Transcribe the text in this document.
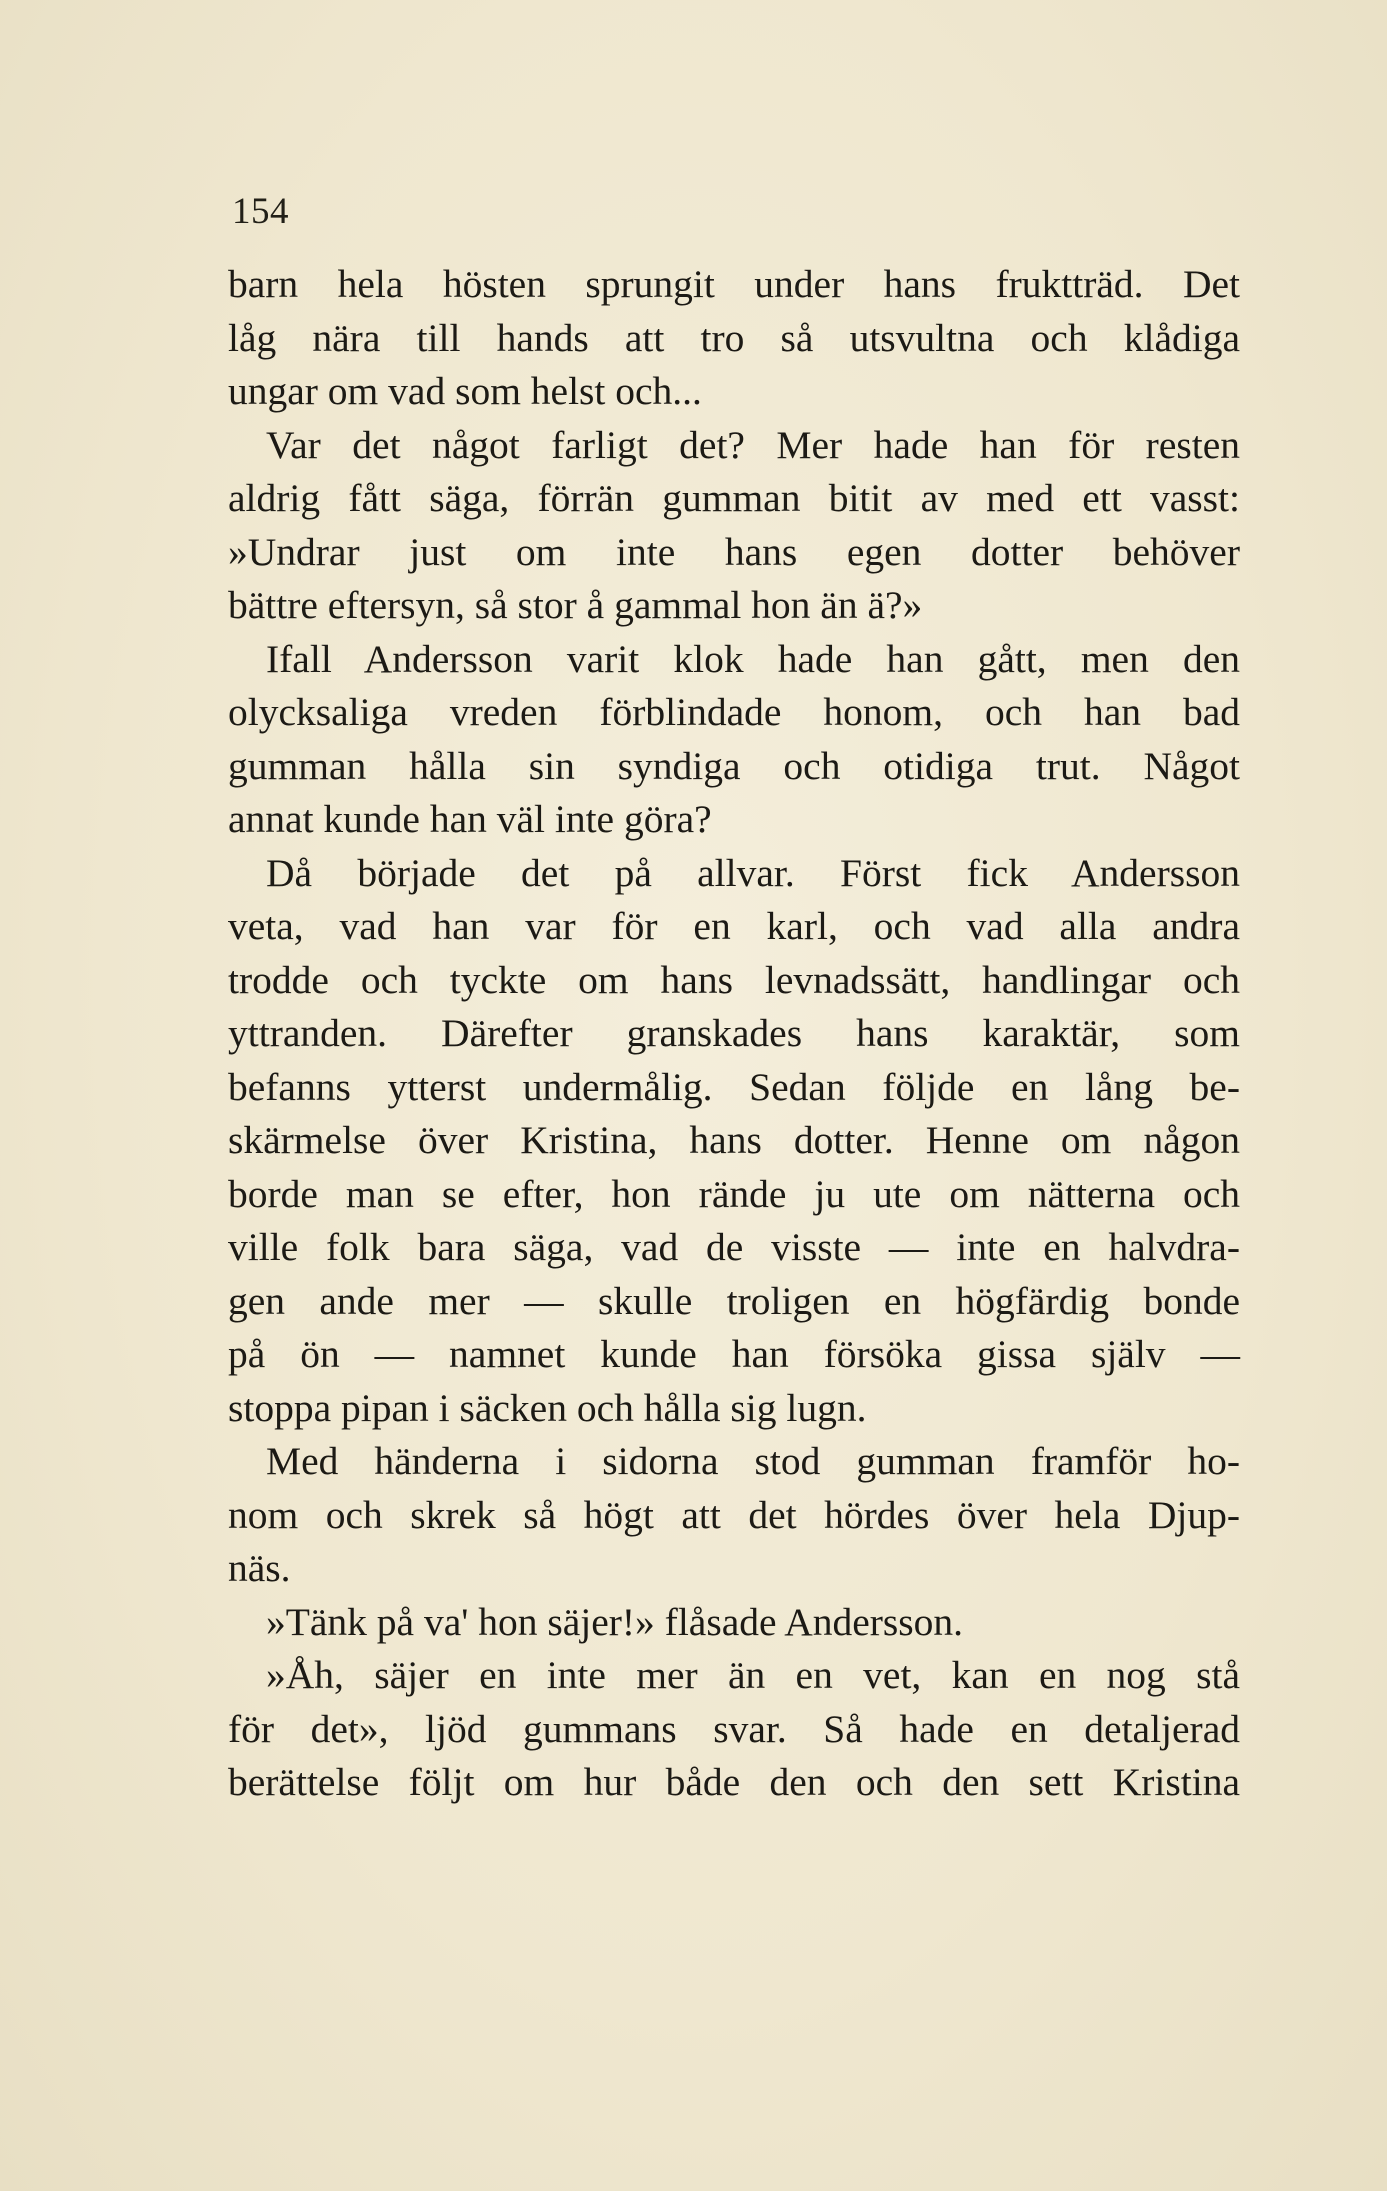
154
barn hela hösten sprungit under hans fruktträd. Det
låg nära till hands att tro så utsvultna och klådiga
ungar om vad som helst och...
Var det något farligt det? Mer hade han för resten
aldrig fått säga, förrän gumman bitit av med ett vasst:
»Undrar just om inte hans egen dotter behöver
bättre eftersyn, så stor å gammal hon än ä?»
Ifall Andersson varit klok hade han gått, men den
olycksaliga vreden förblindade honom, och han bad
gumman hålla sin syndiga och otidiga trut. Något
annat kunde han väl inte göra?
Då började det på allvar. Först fick Andersson
veta, vad han var för en karl, och vad alla andra
trodde och tyckte om hans levnadssätt, handlingar och
yttranden. Därefter granskades hans karaktär, som
befanns ytterst undermålig. Sedan följde en lång be-
skärmelse över Kristina, hans dotter. Henne om någon
borde man se efter, hon rände ju ute om nätterna och
ville folk bara säga, vad de visste — inte en halvdra-
gen ande mer — skulle troligen en högfärdig bonde
på ön — namnet kunde han försöka gissa själv —
stoppa pipan i säcken och hålla sig lugn.
Med händerna i sidorna stod gumman framför ho-
nom och skrek så högt att det hördes över hela Djup-
näs.
»Tänk på va' hon säjer!» flåsade Andersson.
»Åh, säjer en inte mer än en vet, kan en nog stå
för det», ljöd gummans svar. Så hade en detaljerad
berättelse följt om hur både den och den sett Kristina
